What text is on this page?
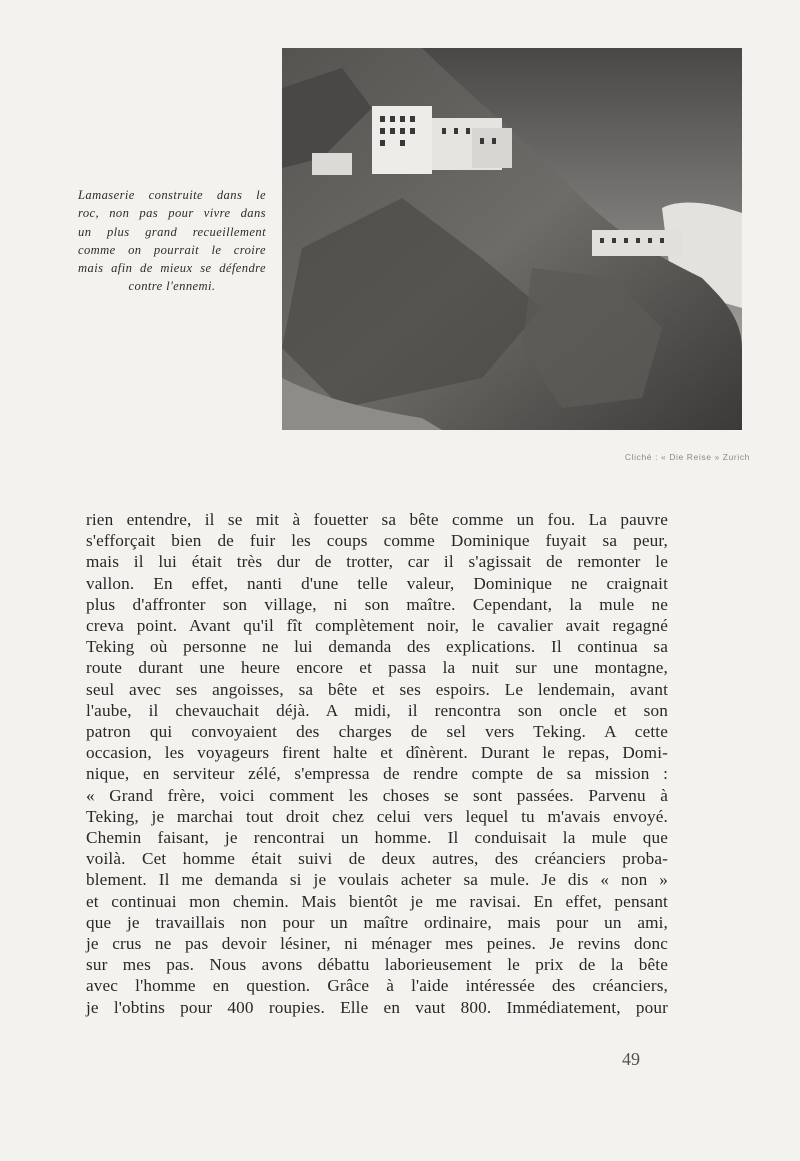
Lamaserie construite dans le
roc, non pas pour vivre dans
un plus grand recueillement
comme on pourrait le croire
mais afin de mieux se défendre
contre l'ennemi.
Cliché : « Die Reise » Zurich
rien entendre, il se mit à fouetter sa bête comme un fou. La pauvre
s'efforçait bien de fuir les coups comme Dominique fuyait sa peur,
mais il lui était très dur de trotter, car il s'agissait de remonter le
vallon. En effet, nanti d'une telle valeur, Dominique ne craignait
plus d'affronter son village, ni son maître. Cependant, la mule ne
creva point. Avant qu'il fît complètement noir, le cavalier avait regagné
Teking où personne ne lui demanda des explications. Il continua sa
route durant une heure encore et passa la nuit sur une montagne,
seul avec ses angoisses, sa bête et ses espoirs. Le lendemain, avant
l'aube, il chevauchait déjà. A midi, il rencontra son oncle et son
patron qui convoyaient des charges de sel vers Teking. A cette
occasion, les voyageurs firent halte et dînèrent. Durant le repas, Domi-
nique, en serviteur zélé, s'empressa de rendre compte de sa mission :
« Grand frère, voici comment les choses se sont passées. Parvenu à
Teking, je marchai tout droit chez celui vers lequel tu m'avais envoyé.
Chemin faisant, je rencontrai un homme. Il conduisait la mule que
voilà. Cet homme était suivi de deux autres, des créanciers proba-
blement. Il me demanda si je voulais acheter sa mule. Je dis « non »
et continuai mon chemin. Mais bientôt je me ravisai. En effet, pensant
que je travaillais non pour un maître ordinaire, mais pour un ami,
je crus ne pas devoir lésiner, ni ménager mes peines. Je revins donc
sur mes pas. Nous avons débattu laborieusement le prix de la bête
avec l'homme en question. Grâce à l'aide intéressée des créanciers,
je l'obtins pour 400 roupies. Elle en vaut 800. Immédiatement, pour
49
